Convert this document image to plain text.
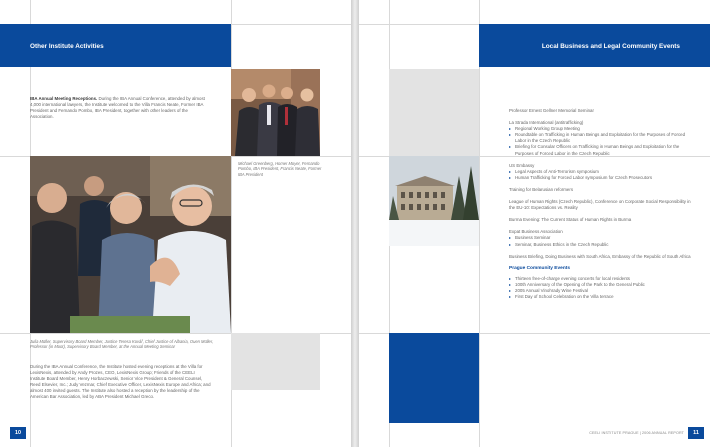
Other Institute Activities
IBA Annual Meeting Receptions. During the IBA Annual Conference, attended by almost 4,000 international lawyers, the Institute welcomed to the Villa Francis Neate, Former IBA President and Fernando Pombo, IBA President, together with other leaders of the Association.
Michael Greenberg, Homer Moyer, Fernando Pombo, IBA President, Francis Neate, Former IBA President
Julia Müller, Supervisory Board Member, Justice Teresa Kovář, Chief Justice of Albania, Ouen Müller, Professor (in Moot), Supervisory Board Member, at the Annual Meeting Seminar
During the IBA Annual Conference, the Institute hosted evening receptions at the Villa for LexisNexis, attended by Andy Prozes, CEO, LexisNexis Group; Friends of the CEELI Institute Board Member, Henry Horbaczewski, Senior Vice President & General Counsel, Reed Elsevier, Inc.; Judy Vezmar, Chief Executive Officer, LexisNexis Europe and Africa; and almost 400 invited guests. The Institute also hosted a reception by the leadership of the American Bar Association, led by ABA President Michael Greco.
10
Local Business and Legal Community Events
Professor Ernest Gellner Memorial Seminar
La Strada International (antitrafficking)
▸ Regional Working Group Meeting
▸ Roundtable on Trafficking in Human Beings and Exploitation for the Purposes of Forced Labor in the Czech Republic
▸ Briefing for Consular Officers on Trafficking in Human Beings and Exploitation for the Purposes of Forced Labor in the Czech Republic
US Embassy
▸ Legal Aspects of Anti-Terrorism symposium
▸ Human Trafficking for Forced Labor symposium for Czech Prosecutors
Training for Belarusian reformers
League of Human Rights (Czech Republic), Conference on Corporate Social Responsibility in the EU-10: Expectations vs. Reality
Burma Evening: The Current Status of Human Rights in Burma
Expat Business Association
▸ Business Seminar
▸ Seminar, Business Ethics in the Czech Republic
Business Briefing, Doing Business with South Africa, Embassy of the Republic of South Africa
Prague Community Events
▸ Thirteen free-of-charge evening concerts for local residents
▸ 100th Anniversary of the Opening of the Park to the General Public
▸ 2005 Annual Vinohrady Wine Festival
▸ First Day of School Celebration on the Villa terrace
CEELI INSTITUTE PRAGUE | 2006 ANNUAL REPORT	11
